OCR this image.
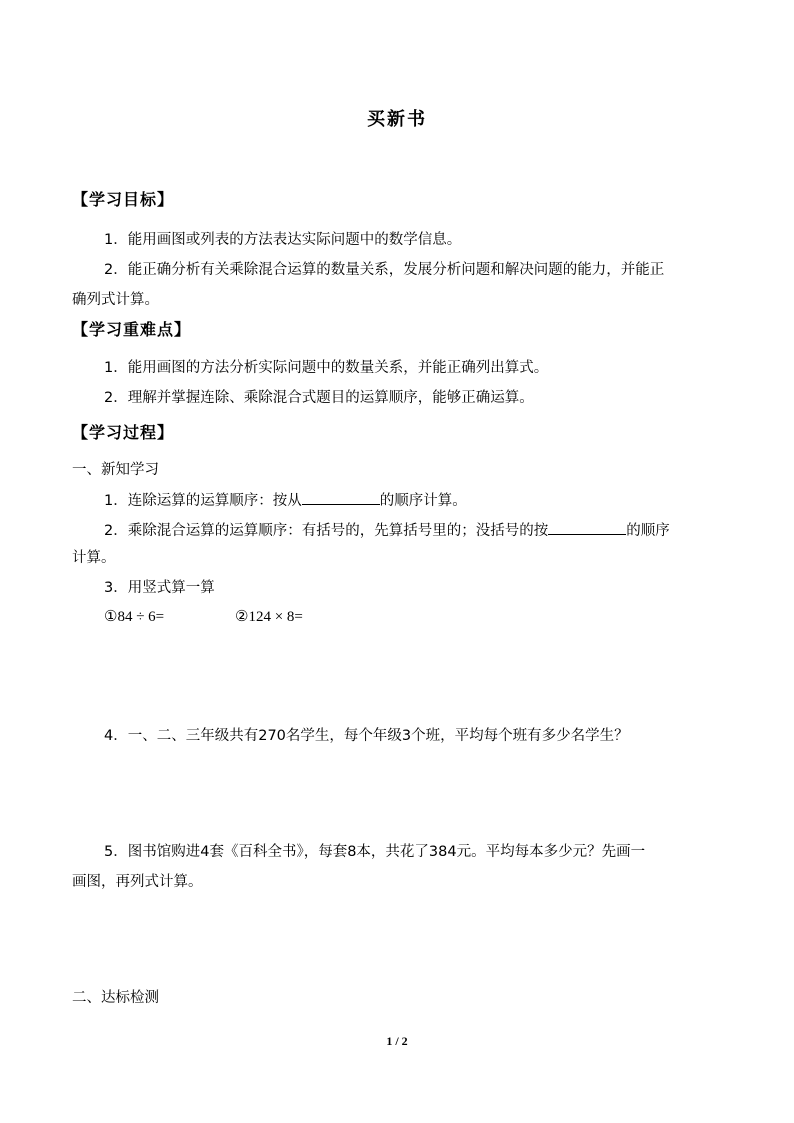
买新书
【学习目标】
1．能用画图或列表的方法表达实际问题中的数学信息。
2．能正确分析有关乘除混合运算的数量关系，发展分析问题和解决问题的能力，并能正
确列式计算。
【学习重难点】
1．能用画图的方法分析实际问题中的数量关系，并能正确列出算式。
2．理解并掌握连除、乘除混合式题目的运算顺序，能够正确运算。
【学习过程】
一、新知学习
1．连除运算的运算顺序：按从	的顺序计算。
2．乘除混合运算的运算顺序：有括号的，先算括号里的；没括号的按	的顺序
计算。
3．用竖式算一算
①84 ÷ 6=	②124 × 8=
4．一、二、三年级共有270名学生，每个年级3个班，平均每个班有多少名学生？
5．图书馆购进4套《百科全书》，每套8本，共花了384元。平均每本多少元？先画一
画图，再列式计算。
二、达标检测
1 / 2
